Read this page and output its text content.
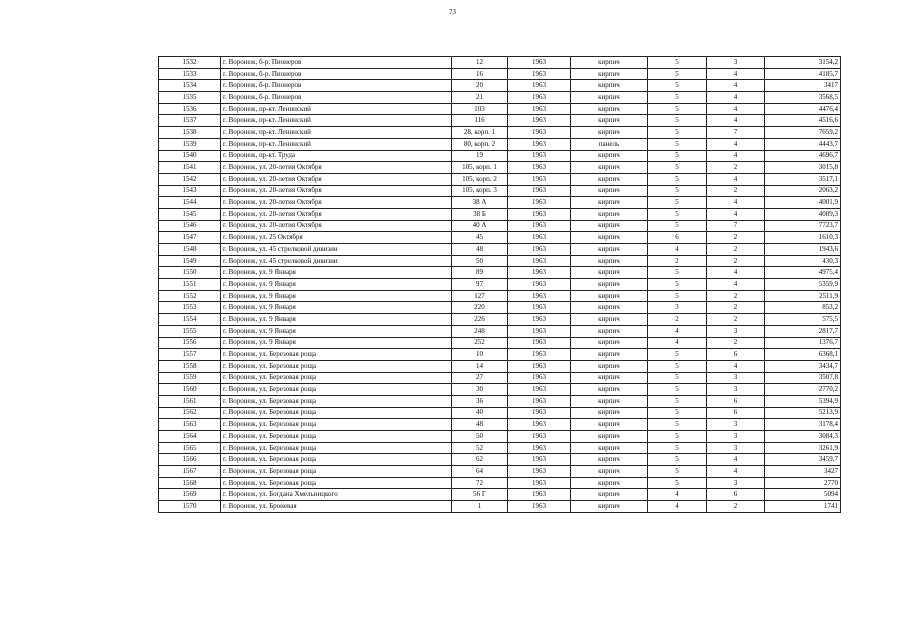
73
1532	г. Воронеж, б-р. Пионеров	12	1963	кирпич	5	3	3154,2
1533	г. Воронеж, б-р. Пионеров	16	1963	кирпич	5	4	4185,7
1534	г. Воронеж, б-р. Пионеров	20	1963	кирпич	5	4	3417
1535	г. Воронеж, б-р. Пионеров	21	1963	кирпич	5	4	3568,5
1536	г. Воронеж, пр-кт. Ленинский	103	1963	кирпич	5	4	4476,4
1537	г. Воронеж, пр-кт. Ленинский	116	1963	кирпич	5	4	4516,6
1538	г. Воронеж, пр-кт. Ленинский	28, корп. 1	1963	кирпич	5	7	7659,2
1539	г. Воронеж, пр-кт. Ленинский	80, корп. 2	1963	панель	5	4	4443,7
1540	г. Воронеж, пр-кт. Труда	19	1963	кирпич	5	4	4696,7
1541	г. Воронеж, ул. 20-летия Октября	105, корп. 1	1963	кирпич	5	2	3015,8
1542	г. Воронеж, ул. 20-летия Октября	105, корп. 2	1963	кирпич	5	4	3517,1
1543	г. Воронеж, ул. 20-летия Октября	105, корп. 3	1963	кирпич	5	2	2063,2
1544	г. Воронеж, ул. 20-летия Октября	38 А	1963	кирпич	5	4	4001,9
1545	г. Воронеж, ул. 20-летия Октября	38 Б	1963	кирпич	5	4	4089,3
1546	г. Воронеж, ул. 20-летия Октября	40 А	1963	кирпич	5	7	7723,7
1547	г. Воронеж, ул. 25 Октября	45	1963	кирпич	6	2	1610,3
1548	г. Воронеж, ул. 45 стрелковой дивизии	48	1963	кирпич	4	2	1943,6
1549	г. Воронеж, ул. 45 стрелковой дивизии	50	1963	кирпич	2	2	430,3
1550	г. Воронеж, ул. 9 Января	89	1963	кирпич	5	4	4975,4
1551	г. Воронеж, ул. 9 Января	97	1963	кирпич	5	4	5359,9
1552	г. Воронеж, ул. 9 Января	127	1963	кирпич	5	2	2511,9
1553	г. Воронеж, ул. 9 Января	220	1963	кирпич	3	2	853,2
1554	г. Воронеж, ул. 9 Января	226	1963	кирпич	2	2	575,5
1555	г. Воронеж, ул. 9 Января	248	1963	кирпич	4	3	2817,7
1556	г. Воронеж, ул. 9 Января	252	1963	кирпич	4	2	1376,7
1557	г. Воронеж, ул. Березовая роща	10	1963	кирпич	5	6	6368,1
1558	г. Воронеж, ул. Березовая роща	14	1963	кирпич	5	4	3434,7
1559	г. Воронеж, ул. Березовая роща	27	1963	кирпич	5	3	3507,8
1560	г. Воронеж, ул. Березовая роща	30	1963	кирпич	5	3	2770,2
1561	г. Воронеж, ул. Березовая роща	36	1963	кирпич	5	6	5394,9
1562	г. Воронеж, ул. Березовая роща	40	1963	кирпич	5	6	5213,9
1563	г. Воронеж, ул. Березовая роща	48	1963	кирпич	5	3	3178,4
1564	г. Воронеж, ул. Березовая роща	50	1963	кирпич	5	3	3084,3
1565	г. Воронеж, ул. Березовая роща	52	1963	кирпич	5	3	3261,9
1566	г. Воронеж, ул. Березовая роща	62	1963	кирпич	5	4	3459,7
1567	г. Воронеж, ул. Березовая роща	64	1963	кирпич	5	4	3427
1568	г. Воронеж, ул. Березовая роща	72	1963	кирпич	5	3	2770
1569	г. Воронеж, ул. Богдана Хмельницкого	56 Г	1963	кирпич	4	6	5094
1570	г. Воронеж, ул. Броневая	1	1963	кирпич	4	2	1741
